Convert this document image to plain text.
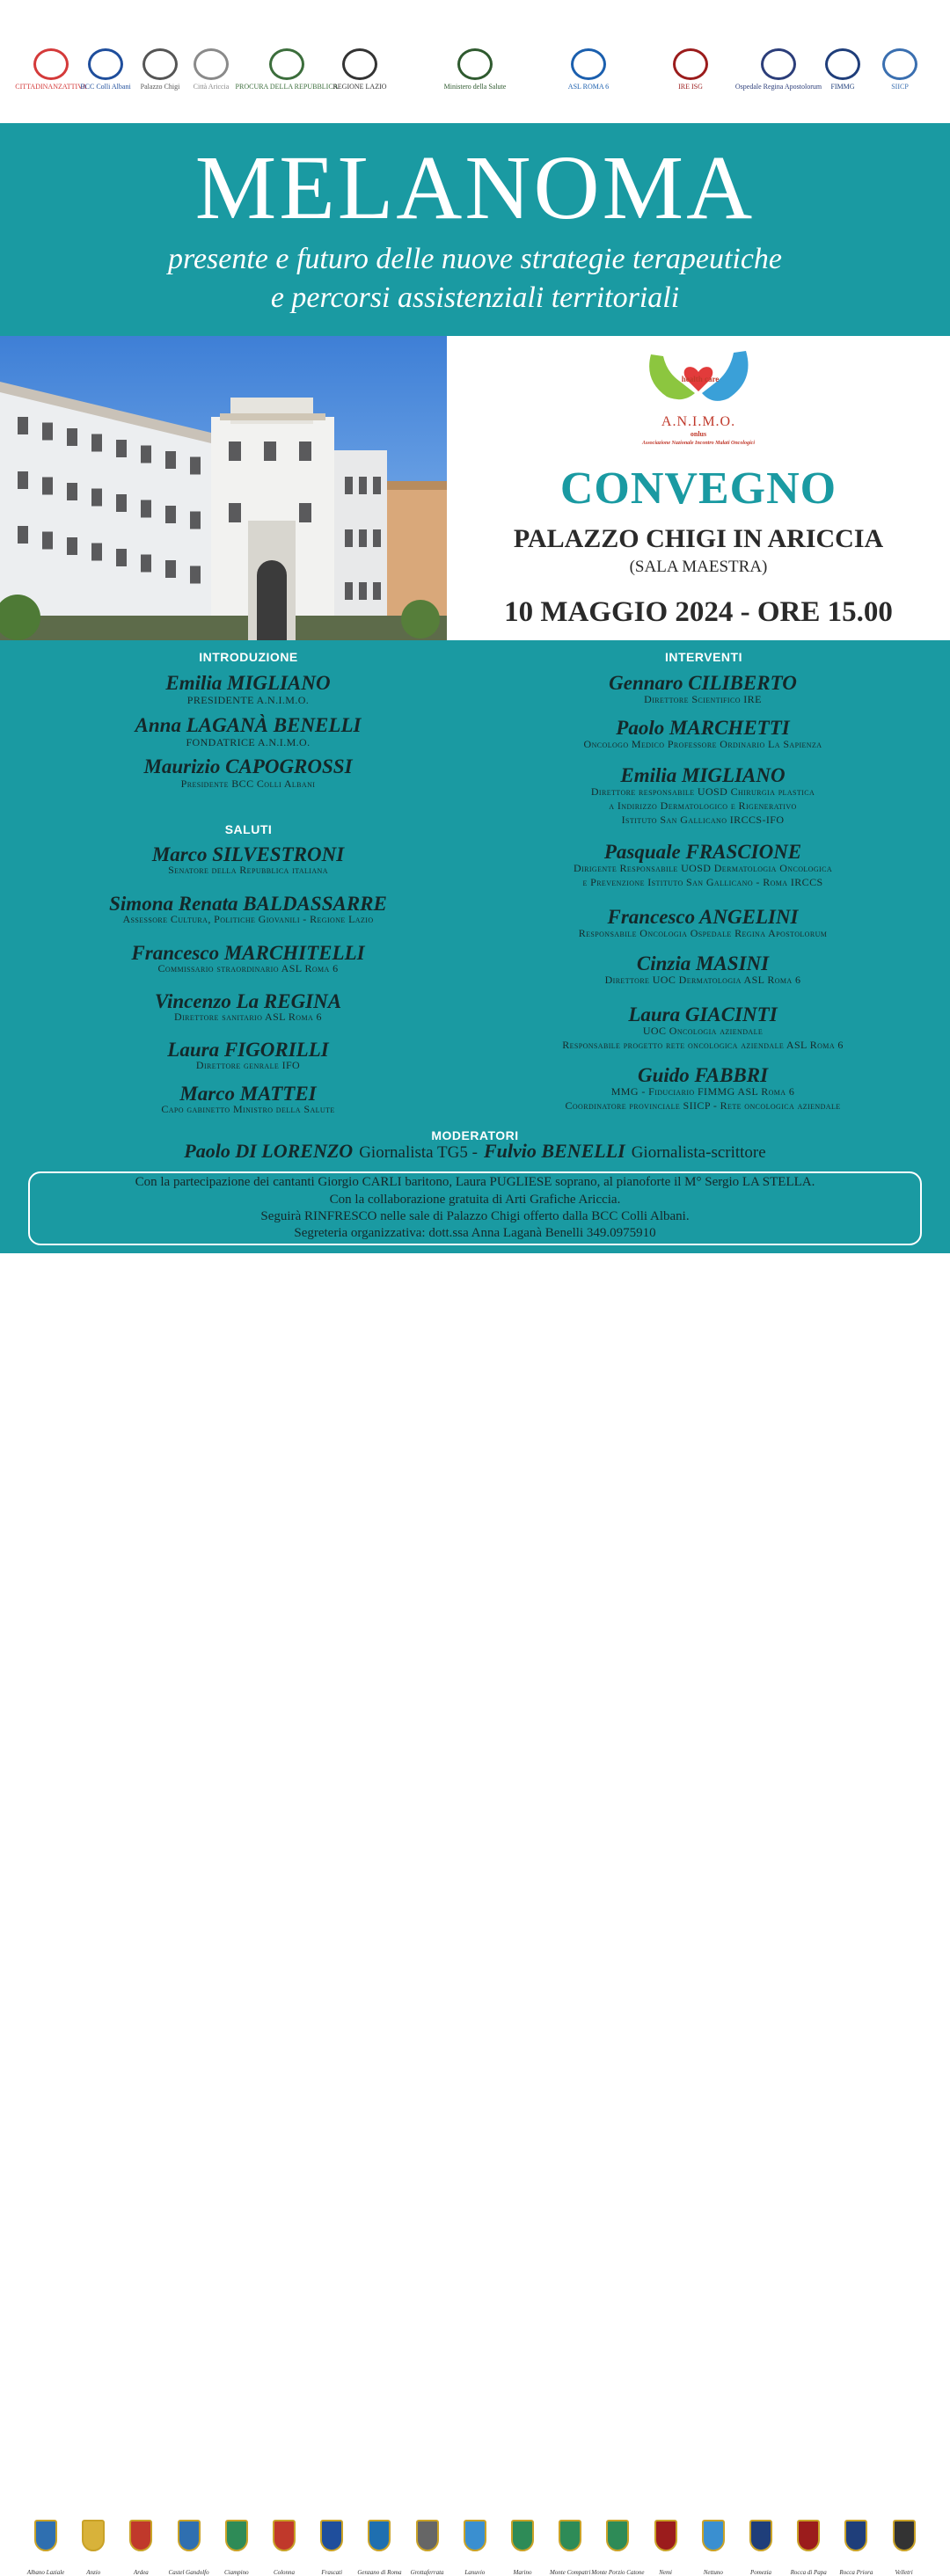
CITTADINANZATTIVA
BCC Colli Albani Palazzo Chigi Città Ariccia PROCURA DELLA REPUBBLICA
REGIONE LAZIO	Ministero della Salute	ASL ROMA 6	IRE ISG	Ospedale Regina Apostolorum FIMMG	SIICP
MELANOMA
presente e futuro delle nuove strategie terapeutiche
e percorsi assistenziali territoriali
health care
A.N.I.M.O.
onlus
Associazione Nazionale Incontro Malati Oncologici
CONVEGNO
PALAZZO CHIGI IN ARICCIA
(SALA MAESTRA)
10 MAGGIO 2024 - ORE 15.00
INTRODUZIONE
SALUTI
INTERVENTI
Emilia MIGLIANO
PRESIDENTE A.N.I.M.O.
Anna LAGANÀ BENELLI
FONDATRICE A.N.I.M.O.
Maurizio CAPOGROSSI
Presidente BCC Colli Albani
Marco SILVESTRONI
Senatore della Repubblica italiana
Simona Renata BALDASSARRE
Assessore Cultura, Politiche Giovanili - Regione Lazio
Francesco MARCHITELLI
Commissario straordinario ASL Roma 6
Vincenzo La REGINA
Direttore sanitario ASL Roma 6
Laura FIGORILLI
Direttore genrale IFO
Marco MATTEI
Capo gabinetto Ministro della Salute
Gennaro CILIBERTO
Direttore Scientifico IRE
Paolo MARCHETTI
Oncologo Medico Professore Ordinario La Sapienza
Emilia MIGLIANO
Direttore responsabile UOSD Chirurgia plastica
a Indirizzo Dermatologico e Rigenerativo
Istituto San Gallicano IRCCS-IFO
Pasquale FRASCIONE
Dirigente Responsabile UOSD Dermatologia Oncologica
e Prevenzione Istituto San Gallicano - Roma IRCCS
Francesco ANGELINI
Responsabile Oncologia Ospedale Regina Apostolorum
Cinzia MASINI
Direttore UOC Dermatologia ASL Roma 6
Laura GIACINTI
UOC Oncologia aziendale
Responsabile progetto rete oncologica aziendale ASL Roma 6
Guido FABBRI
MMG - Fiduciario FIMMG ASL Roma 6
Coordinatore provinciale SIICP - Rete oncologica aziendale
MODERATORI
Paolo DI LORENZO Giornalista TG5 - Fulvio BENELLI Giornalista-scrittore
Con la partecipazione dei cantanti Giorgio CARLI baritono, Laura PUGLIESE soprano, al pianoforte il M° Sergio LA STELLA.
Con la collaborazione gratuita di Arti Grafiche Ariccia.
Seguirà RINFRESCO nelle sale di Palazzo Chigi offerto dalla BCC Colli Albani.
Segreteria organizzativa: dott.ssa Anna Laganà Benelli 349.0975910
Albano Laziale	Anzio	Ardea	Castel Gandolfo Ciampino	Colonna	Frascati Genzano di Roma Grottaferrata	Lanuvio	Marino	Monte Compatri Monte Porzio Catone Nemi	Nettuno	Pomezia	Rocca di Papa Rocca Priora	Velletri
